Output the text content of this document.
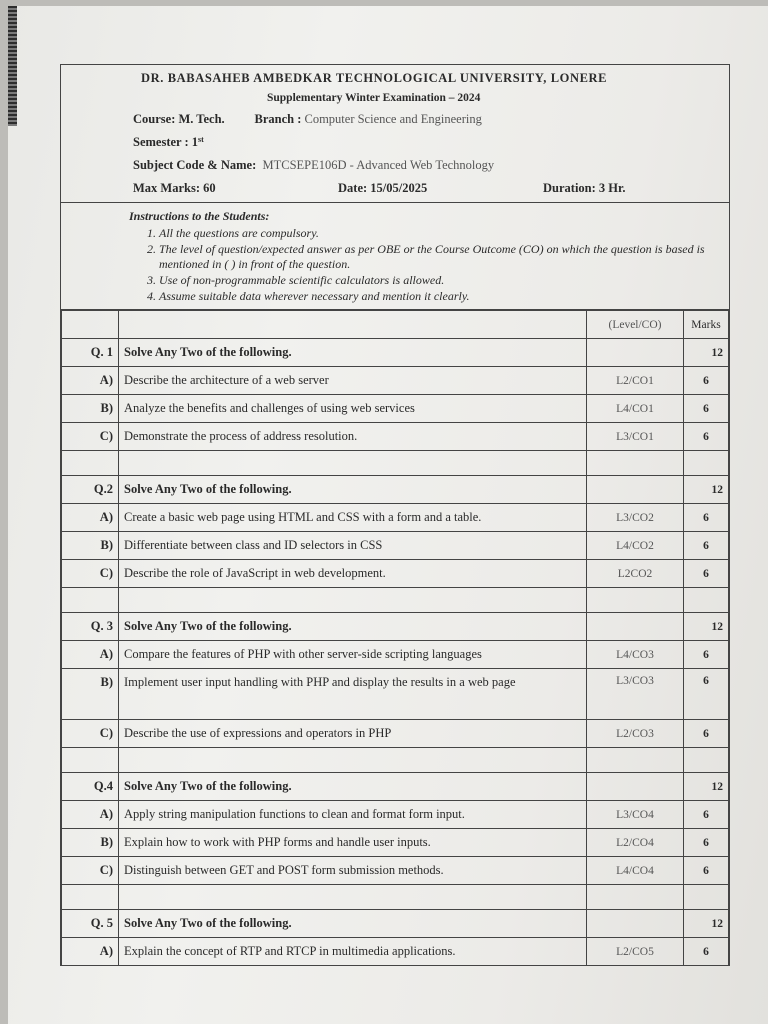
DR. BABASAHEB AMBEDKAR TECHNOLOGICAL UNIVERSITY, LONERE
Supplementary Winter Examination – 2024
Course:
M. Tech.	Branch :
Computer Science and Engineering
Semester :
1 st
Subject Code & Name:
MTCSEPE106D - Advanced Web Technology
Max Marks: 60	Date: 15/05/2025	Duration: 3 Hr.
Instructions to the Students:
1. All the questions are compulsory.
2. The level of question/expected answer as per OBE or the Course Outcome (CO) on which the question is based is mentioned in ( ) in front of the question.
3. Use of non-programmable scientific calculators is allowed.
4. Assume suitable data wherever necessary and mention it clearly.
		(Level/CO)	Marks
Q. 1	Solve Any Two of the following.		12
A)	Describe the architecture of a web server	L2/CO1	6
B)	Analyze the benefits and challenges of using web services	L4/CO1	6
C)	Demonstrate the process of address resolution.	L3/CO1	6

Q.2	Solve Any Two of the following.		12
A)	Create a basic web page using HTML and CSS with a form and a table.	L3/CO2	6
B)	Differentiate between class and ID selectors in CSS	L4/CO2	6
C)	Describe the role of JavaScript in web development.	L2CO2	6

Q. 3	Solve Any Two of the following.		12
A)	Compare the features of PHP with other server-side scripting languages	L4/CO3	6
B)	Implement user input handling with PHP and display the results in a web page	L3/CO3	6
C)	Describe the use of expressions and operators in PHP	L2/CO3	6

Q.4	Solve Any Two of the following.		12
A)	Apply string manipulation functions to clean and format form input.	L3/CO4	6
B)	Explain how to work with PHP forms and handle user inputs.	L2/CO4	6
C)	Distinguish between GET and POST form submission methods.	L4/CO4	6

Q. 5	Solve Any Two of the following.		12
A)	Explain the concept of RTP and RTCP in multimedia applications.	L2/CO5	6
